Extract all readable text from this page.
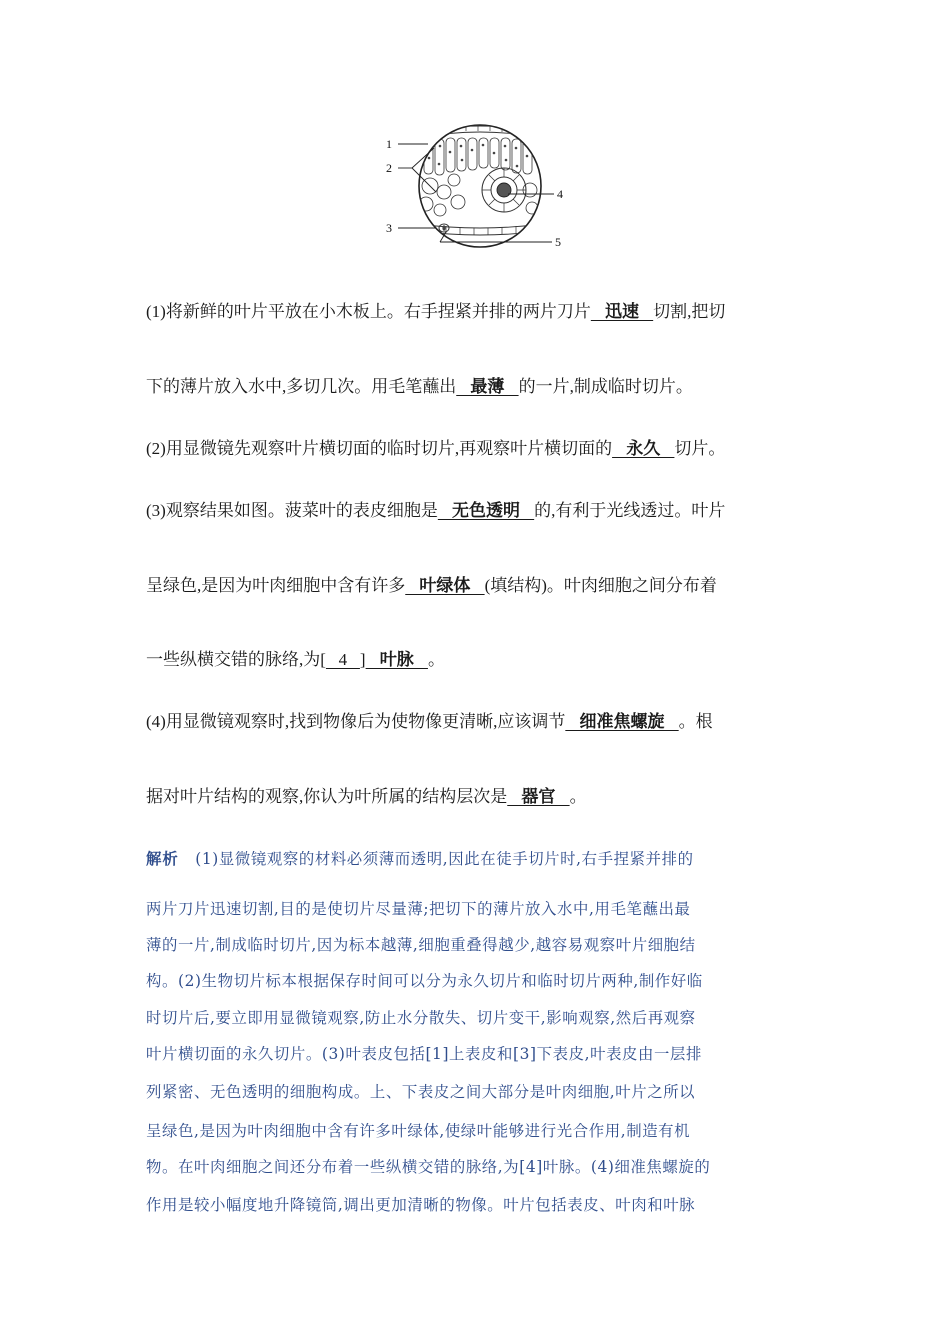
1
2
3
4
5
(1)将新鲜的叶片平放在小木板上。右手捏紧并排的两片刀片   迅速   切割,把切
下的薄片放入水中,多切几次。用毛笔蘸出   最薄   的一片,制成临时切片。
(2)用显微镜先观察叶片横切面的临时切片,再观察叶片横切面的   永久   切片。
(3)观察结果如图。菠菜叶的表皮细胞是   无色透明   的,有利于光线透过。叶片
呈绿色,是因为叶肉细胞中含有许多   叶绿体   (填结构)。叶肉细胞之间分布着
一些纵横交错的脉络,为[   4   ]   叶脉   。
(4)用显微镜观察时,找到物像后为使物像更清晰,应该调节   细准焦螺旋   。根
据对叶片结构的观察,你认为叶所属的结构层次是   器官   。
解析 (1)显微镜观察的材料必须薄而透明,因此在徒手切片时,右手捏紧并排的
两片刀片迅速切割,目的是使切片尽量薄;把切下的薄片放入水中,用毛笔蘸出最
薄的一片,制成临时切片,因为标本越薄,细胞重叠得越少,越容易观察叶片细胞结
构。(2)生物切片标本根据保存时间可以分为永久切片和临时切片两种,制作好临
时切片后,要立即用显微镜观察,防止水分散失、切片变干,影响观察,然后再观察
叶片横切面的永久切片。(3)叶表皮包括[1]上表皮和[3]下表皮,叶表皮由一层排
列紧密、无色透明的细胞构成。上、下表皮之间大部分是叶肉细胞,叶片之所以
呈绿色,是因为叶肉细胞中含有许多叶绿体,使绿叶能够进行光合作用,制造有机
物。在叶肉细胞之间还分布着一些纵横交错的脉络,为[4]叶脉。(4)细准焦螺旋的
作用是较小幅度地升降镜筒,调出更加清晰的物像。叶片包括表皮、叶肉和叶脉
